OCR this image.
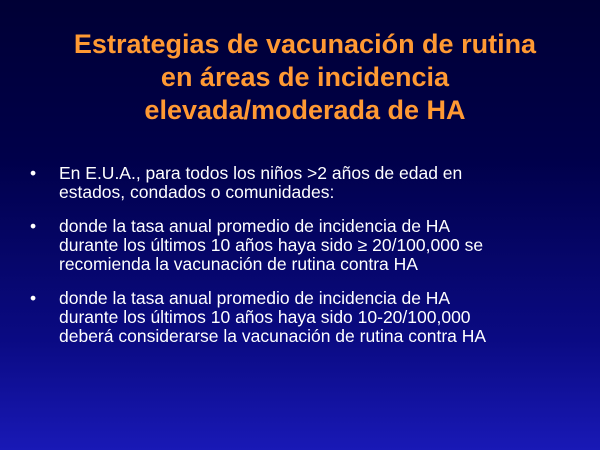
Estrategias de vacunación de rutina
en áreas de incidencia
elevada/moderada de HA
• En E.U.A., para todos los niños >2 años de edad en
estados, condados o comunidades:
• donde la tasa anual promedio de incidencia de HA
durante los últimos 10 años haya sido ≥ 20/100,000 se
recomienda la vacunación de rutina contra HA
• donde la tasa anual promedio de incidencia de HA
durante los últimos 10 años haya sido 10-20/100,000
deberá considerarse la vacunación de rutina contra HA
